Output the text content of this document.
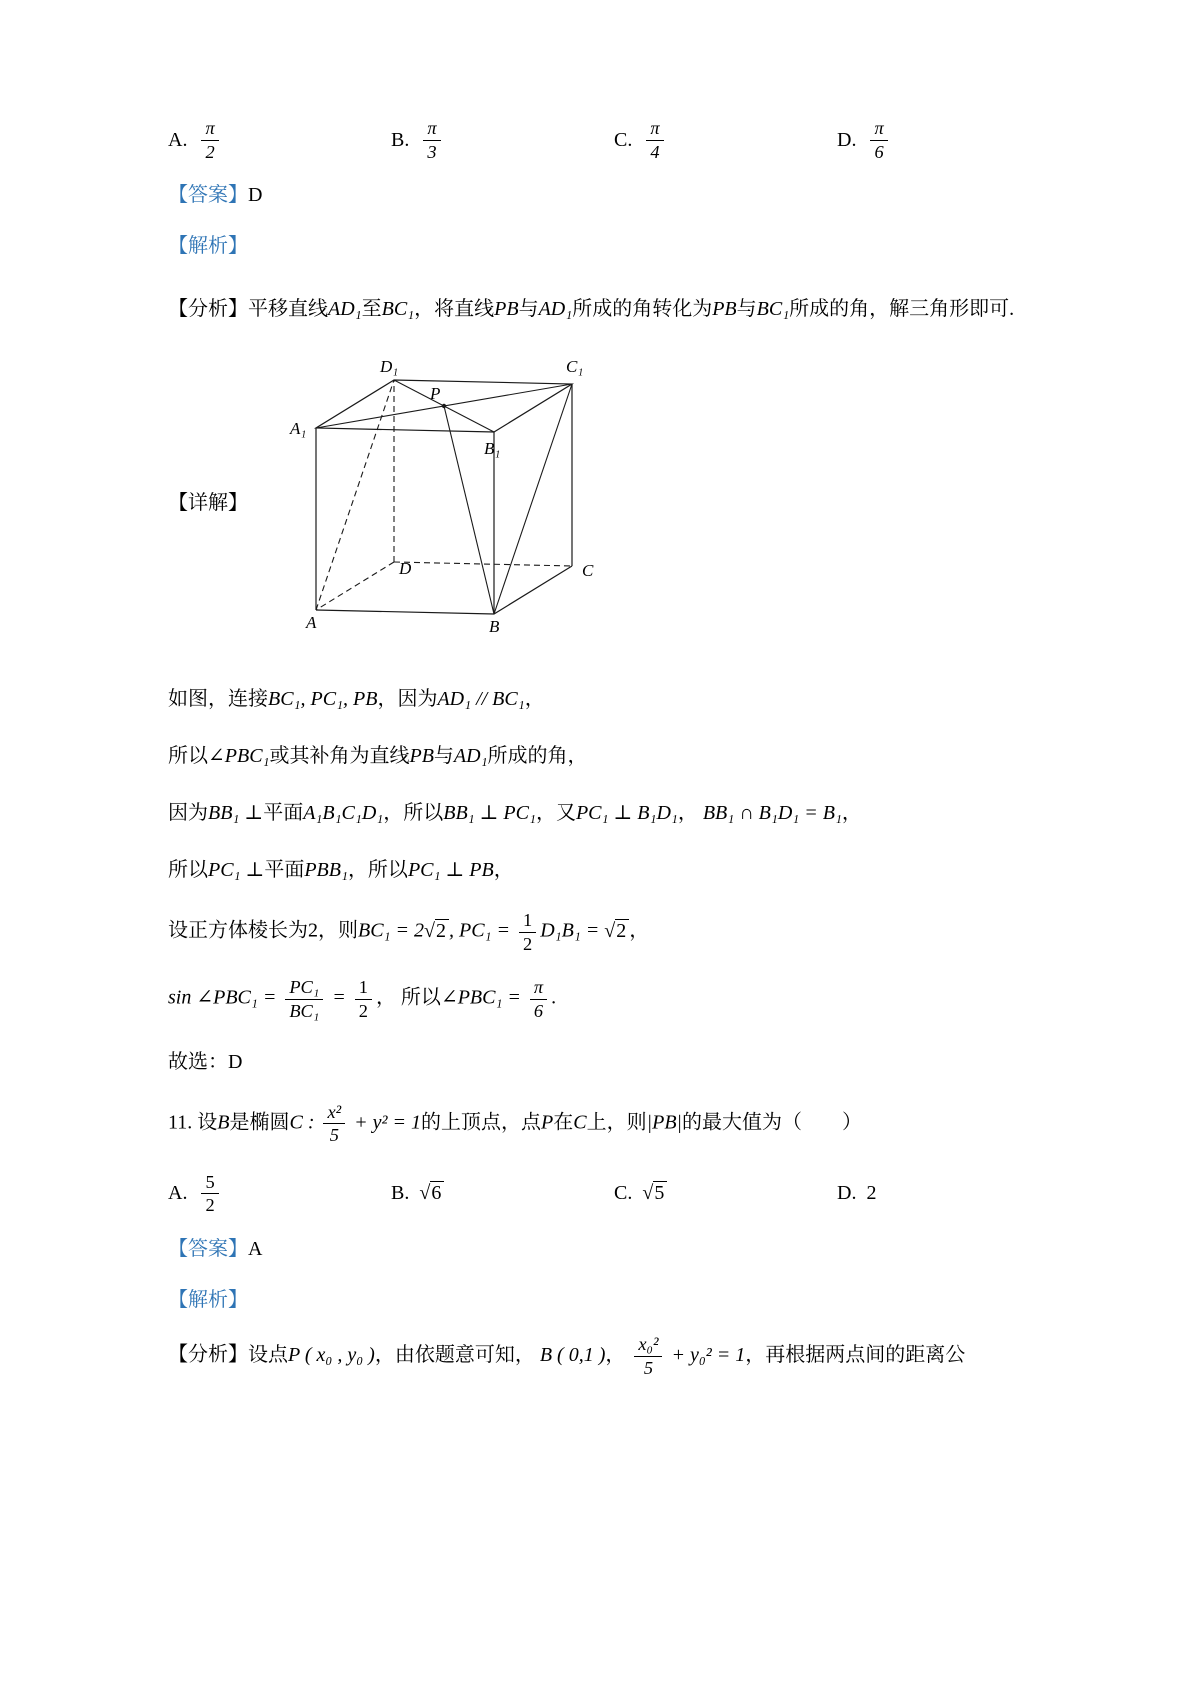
A. $\frac{\pi}{2}$	B. $\frac{\pi}{3}$	C. $\frac{\pi}{4}$	D. $\frac{\pi}{6}$
【答案】D
【解析】
【分析】平移直线AD₁至BC₁，将直线PB与AD₁所成的角转化为PB与BC₁所成的角，解三角形即可.
【详解】
D₁	C₁
A₁
B₁
P
D	C
A	B
如图，连接BC₁, PC₁, PB，因为AD₁ // BC₁，
所以∠PBC₁或其补角为直线PB与AD₁所成的角，
因为BB₁ ⊥平面A₁B₁C₁D₁，所以BB₁ ⊥ PC₁，又PC₁ ⊥ B₁D₁， BB₁ ∩ B₁D₁ = B₁，
所以PC₁ ⊥平面PBB₁，所以PC₁ ⊥ PB，
设正方体棱长为2，则BC₁ = 2√2 , $PC_1 = \frac{1}{2} D_1B_1 = √2$ ，
sin ∠PBC₁ = $\frac{\text{PC₁}}{\text{BC₁}} = \frac{1}{2}$ ， 所以∠PBC₁ = $\frac{\pi}{6}$ .
故选：D
11. 设B是椭圆C : $\frac{\text{x²}}{5} + y^2 = 1$的上顶点，点P在C上，则|PB|的最大值为（　　）
A. $\frac{5}{2}$	B. √6	C. √5	D. 2
【答案】A
【解析】
【分析】设点P ( x₀ , y₀ )，由依题意可知， B ( 0,1 )， $\frac{\text{x₀²}}{5} + y_0^2 = 1$，再根据两点间的距离公
